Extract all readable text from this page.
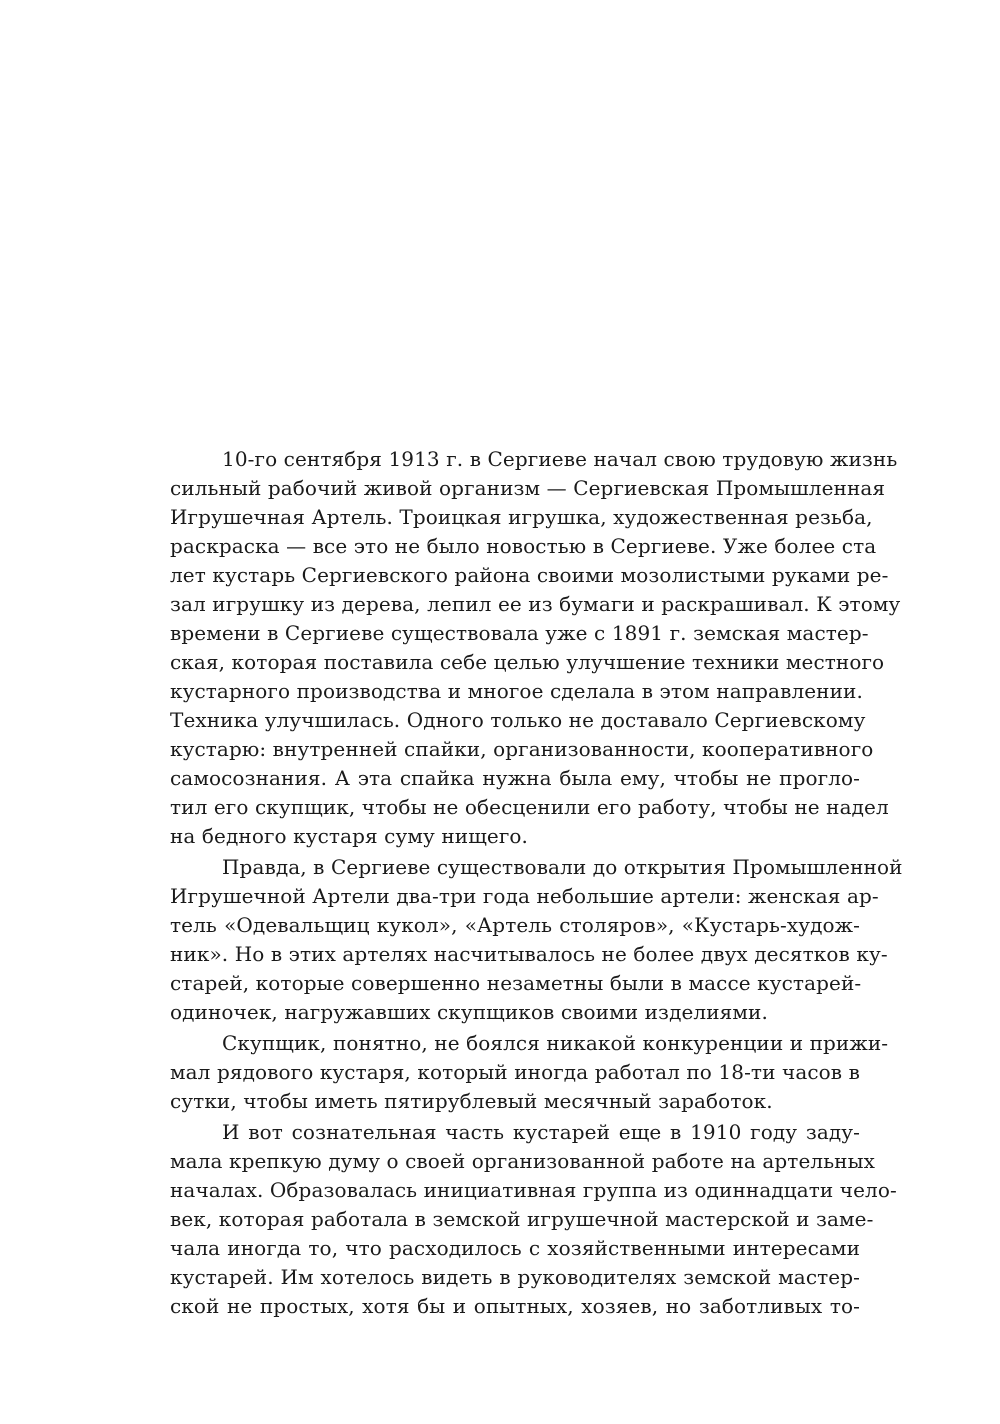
10-го сентября 1913 г. в Сергиеве начал свою трудовую жизнь
сильный рабочий живой организм — Сергиевская Промышленная
Игрушечная Артель. Троицкая игрушка, художественная резьба,
раскраска — все это не было новостью в Сергиеве. Уже более ста
лет кустарь Сергиевского района своими мозолистыми руками ре-
зал игрушку из дерева, лепил ее из бумаги и раскрашивал. К этому
времени в Сергиеве существовала уже с 1891 г. земская мастер-
ская, которая поставила себе целью улучшение техники местного
кустарного производства и многое сделала в этом направлении.
Техника улучшилась. Одного только не доставало Сергиевскому
кустарю: внутренней спайки, организованности, кооперативного
самосознания. А эта спайка нужна была ему, чтобы не прогло-
тил его скупщик, чтобы не обесценили его работу, чтобы не надел
на бедного кустаря суму нищего.
Правда, в Сергиеве существовали до открытия Промышленной
Игрушечной Артели два-три года небольшие артели: женская ар-
тель «Одевальщиц кукол», «Артель столяров», «Кустарь-худож-
ник». Но в этих артелях насчитывалось не более двух десятков ку-
старей, которые совершенно незаметны были в массе кустарей-
одиночек, нагружавших скупщиков своими изделиями.
Скупщик, понятно, не боялся никакой конкуренции и прижи-
мал рядового кустаря, который иногда работал по 18-ти часов в
сутки, чтобы иметь пятирублевый месячный заработок.
И вот сознательная часть кустарей еще в 1910 году заду-
мала крепкую думу о своей организованной работе на артельных
началах. Образовалась инициативная группа из одиннадцати чело-
век, которая работала в земской игрушечной мастерской и заме-
чала иногда то, что расходилось с хозяйственными интересами
кустарей. Им хотелось видеть в руководителях земской мастер-
ской не простых, хотя бы и опытных, хозяев, но заботливых то-
